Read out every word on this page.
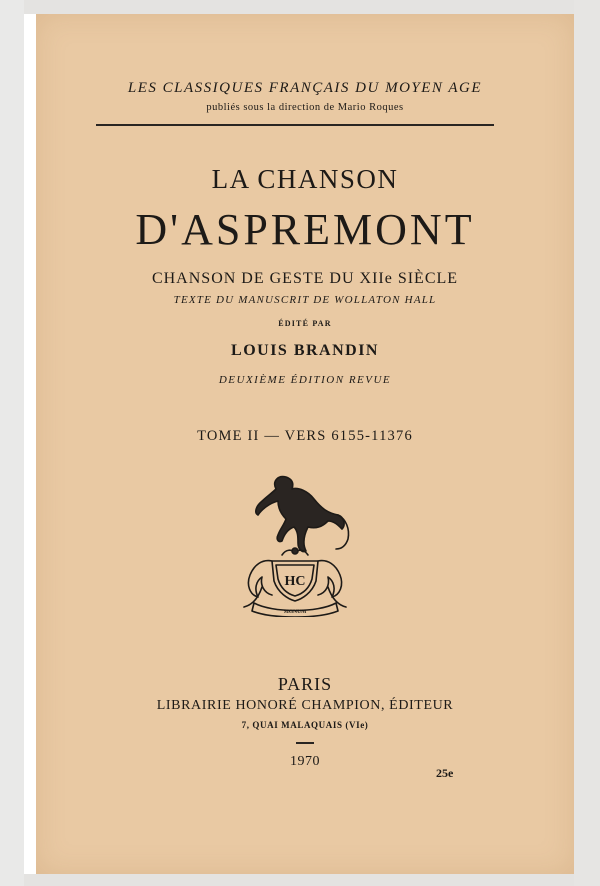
LES CLASSIQUES FRANÇAIS DU MOYEN AGE
publiés sous la direction de Mario Roques
LA CHANSON
D'ASPREMONT
CHANSON DE GESTE DU XIIe SIÈCLE
TEXTE DU MANUSCRIT DE WOLLATON HALL
ÉDITÉ PAR
LOUIS BRANDIN
DEUXIÈME ÉDITION REVUE
TOME II — VERS 6155-11376
HC
SIGNUM
PARIS
LIBRAIRIE HONORÉ CHAMPION, ÉDITEUR
7, QUAI MALAQUAIS (VIe)
1970
25e
